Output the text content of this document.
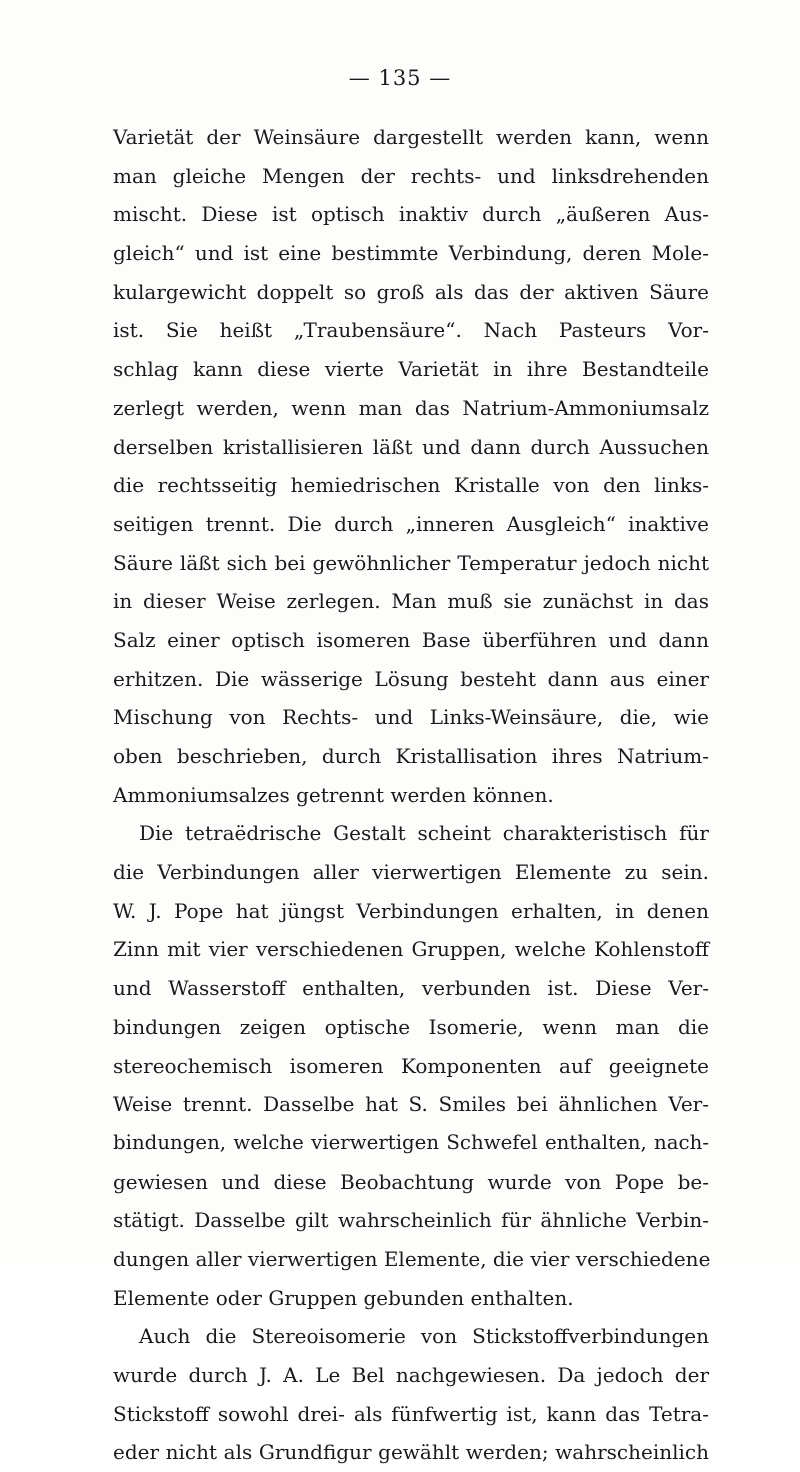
— 135 —
Varietät der Weinsäure dargestellt werden kann, wenn
man gleiche Mengen der rechts- und linksdrehenden
mischt. Diese ist optisch inaktiv durch „äußeren Aus-
gleich“ und ist eine bestimmte Verbindung, deren Mole-
kulargewicht doppelt so groß als das der aktiven Säure
ist. Sie heißt „Traubensäure“. Nach Pasteurs Vor-
schlag kann diese vierte Varietät in ihre Bestandteile
zerlegt werden, wenn man das Natrium-Ammoniumsalz
derselben kristallisieren läßt und dann durch Aussuchen
die rechtsseitig hemiedrischen Kristalle von den links-
seitigen trennt. Die durch „inneren Ausgleich“ inaktive
Säure läßt sich bei gewöhnlicher Temperatur jedoch nicht
in dieser Weise zerlegen. Man muß sie zunächst in das
Salz einer optisch isomeren Base überführen und dann
erhitzen. Die wässerige Lösung besteht dann aus einer
Mischung von Rechts- und Links-Weinsäure, die, wie
oben beschrieben, durch Kristallisation ihres Natrium-
Ammoniumsalzes getrennt werden können.
Die tetraëdrische Gestalt scheint charakteristisch für
die Verbindungen aller vierwertigen Elemente zu sein.
W. J. Pope hat jüngst Verbindungen erhalten, in denen
Zinn mit vier verschiedenen Gruppen, welche Kohlenstoff
und Wasserstoff enthalten, verbunden ist. Diese Ver-
bindungen zeigen optische Isomerie, wenn man die
stereochemisch isomeren Komponenten auf geeignete
Weise trennt. Dasselbe hat S. Smiles bei ähnlichen Ver-
bindungen, welche vierwertigen Schwefel enthalten, nach-
gewiesen und diese Beobachtung wurde von Pope be-
stätigt. Dasselbe gilt wahrscheinlich für ähnliche Verbin-
dungen aller vierwertigen Elemente, die vier verschiedene
Elemente oder Gruppen gebunden enthalten.
Auch die Stereoisomerie von Stickstoffverbindungen
wurde durch J. A. Le Bel nachgewiesen. Da jedoch der
Stickstoff sowohl drei- als fünfwertig ist, kann das Tetra-
eder nicht als Grundfigur gewählt werden; wahrscheinlich
